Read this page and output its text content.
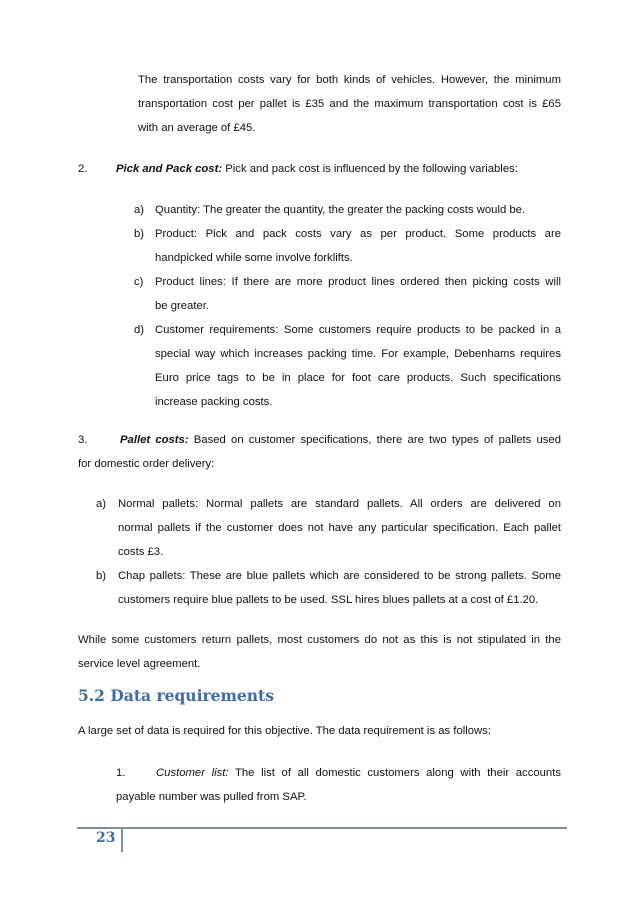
The transportation costs vary for both kinds of vehicles. However, the minimum
transportation cost per pallet is £35 and the maximum transportation cost is £65
with an average of £45.
2.	Pick and Pack cost: Pick and pack cost is influenced by the following variables:
a) Quantity: The greater the quantity, the greater the packing costs would be.
b) Product: Pick and pack costs vary as per product. Some products are
handpicked while some involve forklifts.
c) Product lines: If there are more product lines ordered then picking costs will
be greater.
d) Customer requirements: Some customers require products to be packed in a
special way which increases packing time. For example, Debenhams requires
Euro price tags to be in place for foot care products. Such specifications
increase packing costs.
3.	Pallet costs: Based on customer specifications, there are two types of pallets used
for domestic order delivery:
a) Normal pallets: Normal pallets are standard pallets. All orders are delivered on
normal pallets if the customer does not have any particular specification. Each pallet
costs £3.
b) Chap pallets: These are blue pallets which are considered to be strong pallets. Some
customers require blue pallets to be used. SSL hires blues pallets at a cost of £1.20.
While some customers return pallets, most customers do not as this is not stipulated in the
service level agreement.
5.2 Data requirements
A large set of data is required for this objective. The data requirement is as follows:
1.	Customer list: The list of all domestic customers along with their accounts
payable number was pulled from SAP.
23
